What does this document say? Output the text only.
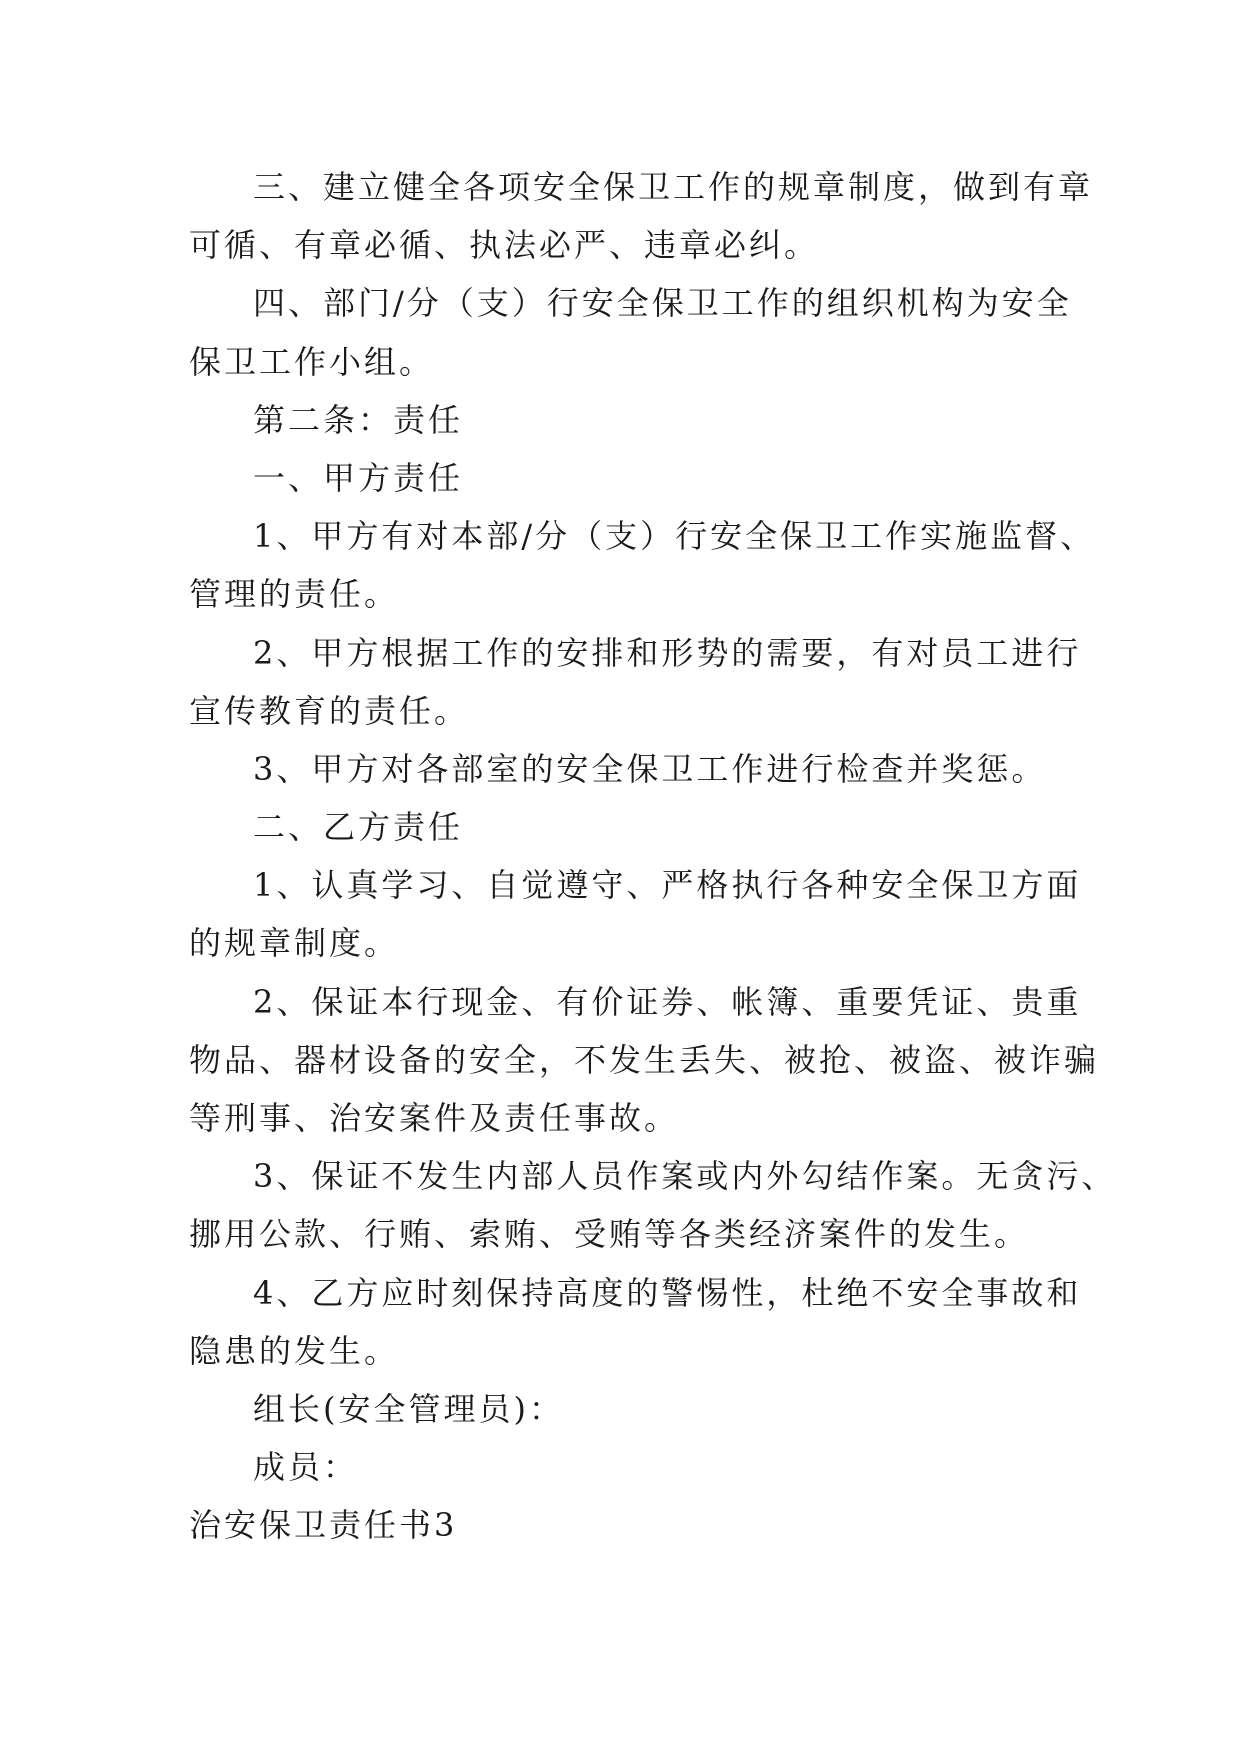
三、建立健全各项安全保卫工作的规章制度，做到有章
可循、有章必循、执法必严、违章必纠。
四、部门/分（支）行安全保卫工作的组织机构为安全
保卫工作小组。
第二条：责任
一、甲方责任
1、甲方有对本部/分（支）行安全保卫工作实施监督、
管理的责任。
2、甲方根据工作的安排和形势的需要，有对员工进行
宣传教育的责任。
3、甲方对各部室的安全保卫工作进行检查并奖惩。
二、乙方责任
1、认真学习、自觉遵守、严格执行各种安全保卫方面
的规章制度。
2、保证本行现金、有价证券、帐簿、重要凭证、贵重
物品、器材设备的安全，不发生丢失、被抢、被盗、被诈骗
等刑事、治安案件及责任事故。
3、保证不发生内部人员作案或内外勾结作案。无贪污、
挪用公款、行贿、索贿、受贿等各类经济案件的发生。
4、乙方应时刻保持高度的警惕性，杜绝不安全事故和
隐患的发生。
组长(安全管理员)：
成员：
治安保卫责任书3
